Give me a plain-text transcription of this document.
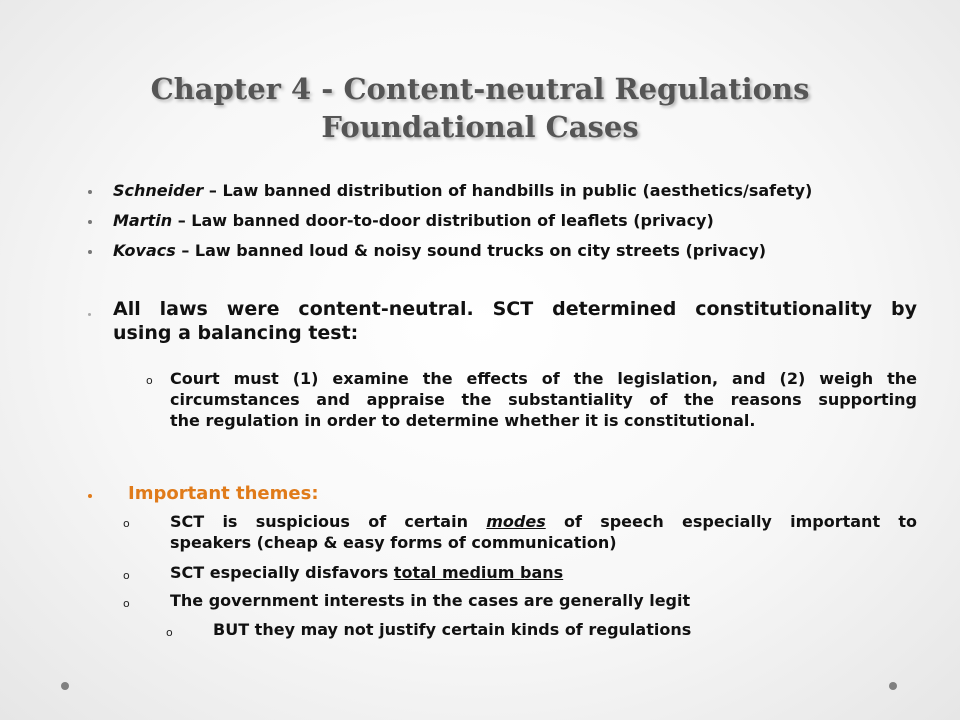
Chapter 4 - Content-neutral Regulations
Foundational Cases
Schneider – Law banned distribution of handbills in public (aesthetics/safety)
Martin – Law banned door-to-door distribution of leaflets (privacy)
Kovacs – Law banned loud & noisy sound trucks on city streets (privacy)
All laws were content-neutral. SCT determined constitutionality by
using a balancing test:
o Court must (1) examine the effects of the legislation, and (2) weigh the
circumstances and appraise the substantiality of the reasons supporting
the regulation in order to determine whether it is constitutional.
Important themes:
o	SCT is suspicious of certain modes of speech especially important to
speakers (cheap & easy forms of communication)
o	SCT especially disfavors total medium bans
o	The government interests in the cases are generally legit
o	BUT they may not justify certain kinds of regulations
